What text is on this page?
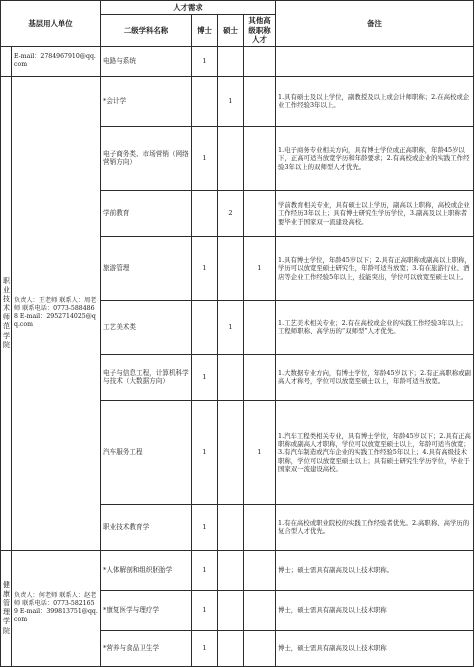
基层用人单位		人才需求				备注
		二级学科名称	博士	硕士	其他高级职称人才	
	E-mail：2784967910@qq.com	电路与系统	1			
职业技术师范学院	负责人：王老师 联系人：周老师 联系电话：0773-5884868 E-mail：2952714025@qq.com	*会计学		1		1.具有硕士及以上学位，副教授及以上或会计师职称；2.在高校或企业工作经验3年以上。
		电子商务类、市场营销（网络营销方向）	1			1.电子商务专业相关方向，具有博士学位或正高职称，年龄45岁以下，正高可适当放宽学历和年龄要求；2.有高校或企业的实践工作经验3年以上的双师型人才优先。
		学前教育		2		学前教育相关专业，具有硕士以上学历，副高以上职称，高校或企业工作经历3年以上；具有博士研究生学历学位，3.副高及以上职称者要毕业于国家双一流建设高校。
		旅游管理	1		1	1.具有博士学位，年龄45岁以下；2.具有正高职称或副高以上职称，学历可以放宽至硕士研究生，年龄可适当放宽；3.有在旅游行业、酒店等企业工作经验5年以上，技能突出，学位可以放宽至硕士以上。
		工艺美术类		1		1.工艺美术相关专业；2.有在高校或企业的实践工作经验3年以上；工程师职称、高学历的“双师型”人才优先。
		电子与信息工程，计算机科学与技术（大数据方向）	1			1.大数据专业方向，有博士学位，年龄45岁以下；2.有正高职称或副高人才称号，学位可以放宽至硕士以上，年龄可适当放宽。
		汽车服务工程	1		1	1.汽车工程类相关专业，具有博士学位，年龄45岁以下；2.具有正高职称或副高人才职称，学位可以放宽至硕士以上，年龄可适当放宽；3.有汽车制造或汽车企业的实践工作经验5年以上；4.具有高级技术职称，学位可以放宽至硕士以上；具有硕士研究生学历学位，毕业于国家双一流建设高校。
		职业技术教育学	1			1.有在高校或职业院校的实践工作经验者优先。2.高职称、高学历的复合型人才优先。
健康管理学院	负责人：何老师 联系人：赵老师 联系电话：0773-5821659 E-mail：399813751@qq.com	*人体解剖和组织胚胎学	1			博士；硕士需具有副高及以上技术职称。
		*康复医学与理疗学	1			博士，硕士需具有副高及以上技术职称
		*营养与食品卫生学	1			博士，硕士需具有副高及以上技术职称
